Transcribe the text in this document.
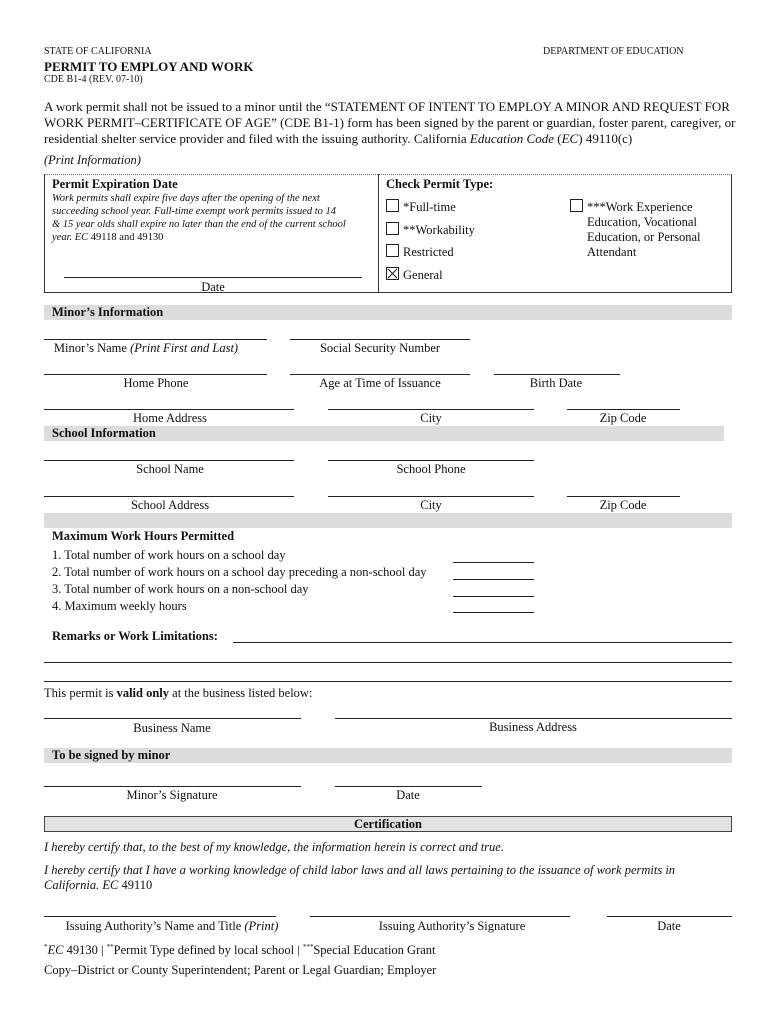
STATE OF CALIFORNIA	DEPARTMENT OF EDUCATION
PERMIT TO EMPLOY AND WORK
CDE B1-4 (REV. 07-10)
A work permit shall not be issued to a minor until the “STATEMENT OF INTENT TO EMPLOY A MINOR AND REQUEST FOR
WORK PERMIT–CERTIFICATE OF AGE” (CDE B1-1) form has been signed by the parent or guardian, foster parent, caregiver, or
residential shelter service provider and filed with the issuing authority. California Education Code (EC) 49110(c)
(Print Information)
Permit Expiration Date
Work permits shall expire five days after the opening of the next
succeeding school year. Full-time exempt work permits issued to 14
& 15 year olds shall expire no later than the end of the current school
year. EC 49118 and 49130
Date
Check Permit Type:
*Full-time
**Workability
Restricted
General
***Work Experience
Education, Vocational
Education, or Personal
Attendant
Minor’s Information
Minor’s Name (Print First and Last)	Social Security Number
Home Phone	Age at Time of Issuance	Birth Date
Home Address	City	Zip Code
School Information
School Name	School Phone
School Address	City	Zip Code
Maximum Work Hours Permitted
1. Total number of work hours on a school day
2. Total number of work hours on a school day preceding a non-school day
3. Total number of work hours on a non-school day
4. Maximum weekly hours
Remarks or Work Limitations:
This permit is valid only at the business listed below:
Business Name	Business Address
To be signed by minor
Minor’s Signature	Date
Certification
I hereby certify that, to the best of my knowledge, the information herein is correct and true.
I hereby certify that I have a working knowledge of child labor laws and all laws pertaining to the issuance of work permits in
California. EC 49110
Issuing Authority’s Name and Title (Print)	Issuing Authority’s Signature	Date
*EC 49130 | **Permit Type defined by local school | ***Special Education Grant
Copy–District or County Superintendent; Parent or Legal Guardian; Employer
